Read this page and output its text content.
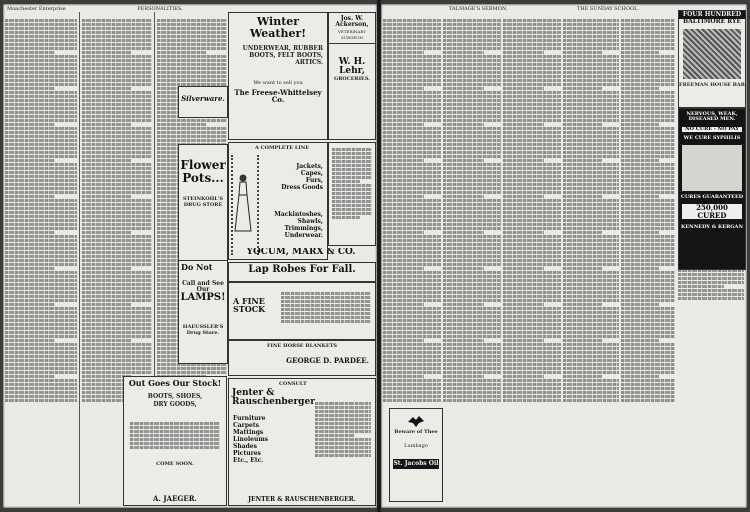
Manchester Enterprise	PERSONALITIES.
Winter Weather!
UNDERWEAR, RUBBER BOOTS, FELT BOOTS, ARTICS.
We want to sell you
The Freese-Whittelsey Co.
Jos. W. Ackerson,
VETERINARY SURGEON
W. H. Lehr,
GROCERIES.
Silverware.
Flower
Pots...
STEINKOHL'S DRUG STORE
Do Not
Call and See Our
LAMPS!
HAEUSSLER'S Drug Store.
A COMPLETE LINE
Jackets,
Capes,
Furs,
Dress Goods
Mackintoshes,
Shawls,
Trimmings,
Underwear.
YOCUM, MARX & CO.
Lap Robes For Fall.
A FINE STOCK
FINE HORSE BLANKETS
GEORGE D. PARDEE.
CONSULT
Jenter & Rauschenberger
Furniture
Carpets
Mattings
Linoleums
Shades
Pictures
Etc., Etc.
JENTER & RAUSCHENBERGER.
Out Goes Our Stock!
BOOTS, SHOES, DRY GOODS,
COME SOON.
A. JAEGER.
TALMAGE'S SERMON.	THE SUNDAY SCHOOL.
Beware of Thee
Lumbago
St. Jacobs Oil
FOUR HUNDRED
BALTIMORE RYE
FREEMAN HOUSE BAR
NERVOUS, WEAK, DISEASED MEN.
NO CURE - NO PAY
WE CURE SYPHILIS
CURES GUARANTEED
250,000 CURED
KENNEDY & KERGAN
